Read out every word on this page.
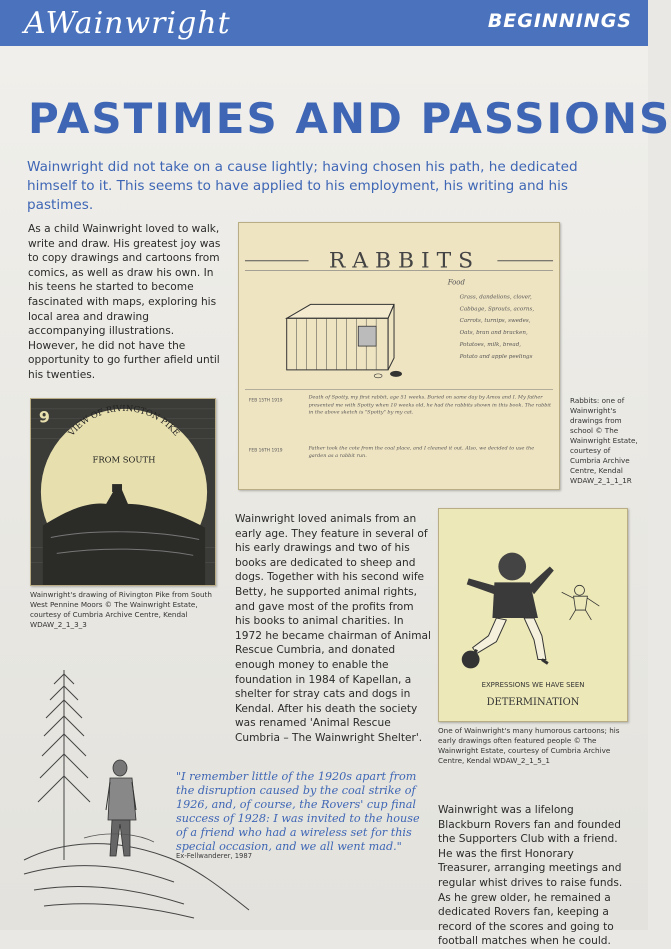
AWainwright	BEGINNINGS
PASTIMES AND PASSIONS

Wainwright did not take on a cause lightly; having chosen his path, he dedicated himself to it. This seems to have applied to his employment, his writing and his pastimes.

As a child Wainwright loved to walk, write and draw. His greatest joy was to copy drawings and cartoons from comics, as well as draw his own. In his teens he started to become fascinated with maps, exploring his local area and drawing accompanying illustrations. However, he did not have the opportunity to go further afield until his twenties.

R A B B I T S
Food
Grass, dandelions, clover,
Cabbage, Sprouts, acorns,
Carrots, turnips, swedes,
Oats, bran and bracken,
Potatoes, milk, bread,
Potato and apple peelings
FEB 15TH 1919
Death of Spotty, my first rabbit, age 51 weeks. Buried on same day by Amos and I. My father presented me with Spotty when 10 weeks old, he had the rabbits shown in this book. The rabbit in the above sketch is "Spotty" by my cat.
FEB 16TH 1919	Father took the cote from the coal place, and I cleaned it out. Also, we decided to use the garden as a rabbit run.

Rabbits: one of Wainwright's drawings from school © The Wainwright Estate, courtesy of Cumbria Archive Centre, Kendal WDAW_2_1_1_1R

9
VIEW OF RIVINGTON PIKE
FROM SOUTH

Wainwright's drawing of Rivington Pike from South West Pennine Moors © The Wainwright Estate, courtesy of Cumbria Archive Centre, Kendal WDAW_2_1_3_3

Wainwright loved animals from an early age. They feature in several of his early drawings and two of his books are dedicated to sheep and dogs. Together with his second wife Betty, he supported animal rights, and gave most of the profits from his books to animal charities. In 1972 he became chairman of Animal Rescue Cumbria, and donated enough money to enable the foundation in 1984 of Kapellan, a shelter for stray cats and dogs in Kendal. After his death the society was renamed 'Animal Rescue Cumbria – The Wainwright Shelter'.

EXPRESSIONS WE HAVE SEEN
DETERMINATION

One of Wainwright's many humorous cartoons; his early drawings often featured people © The Wainwright Estate, courtesy of Cumbria Archive Centre, Kendal WDAW_2_1_5_1

"I remember little of the 1920s apart from the disruption caused by the coal strike of 1926, and, of course, the Rovers' cup final success of 1928: I was invited to the house of a friend who had a wireless set for this special occasion, and we all went mad."

Ex-Fellwanderer, 1987

Wainwright was a lifelong Blackburn Rovers fan and founded the Supporters Club with a friend. He was the first Honorary Treasurer, arranging meetings and regular whist drives to raise funds. As he grew older, he remained a dedicated Rovers fan, keeping a record of the scores and going to football matches when he could.
